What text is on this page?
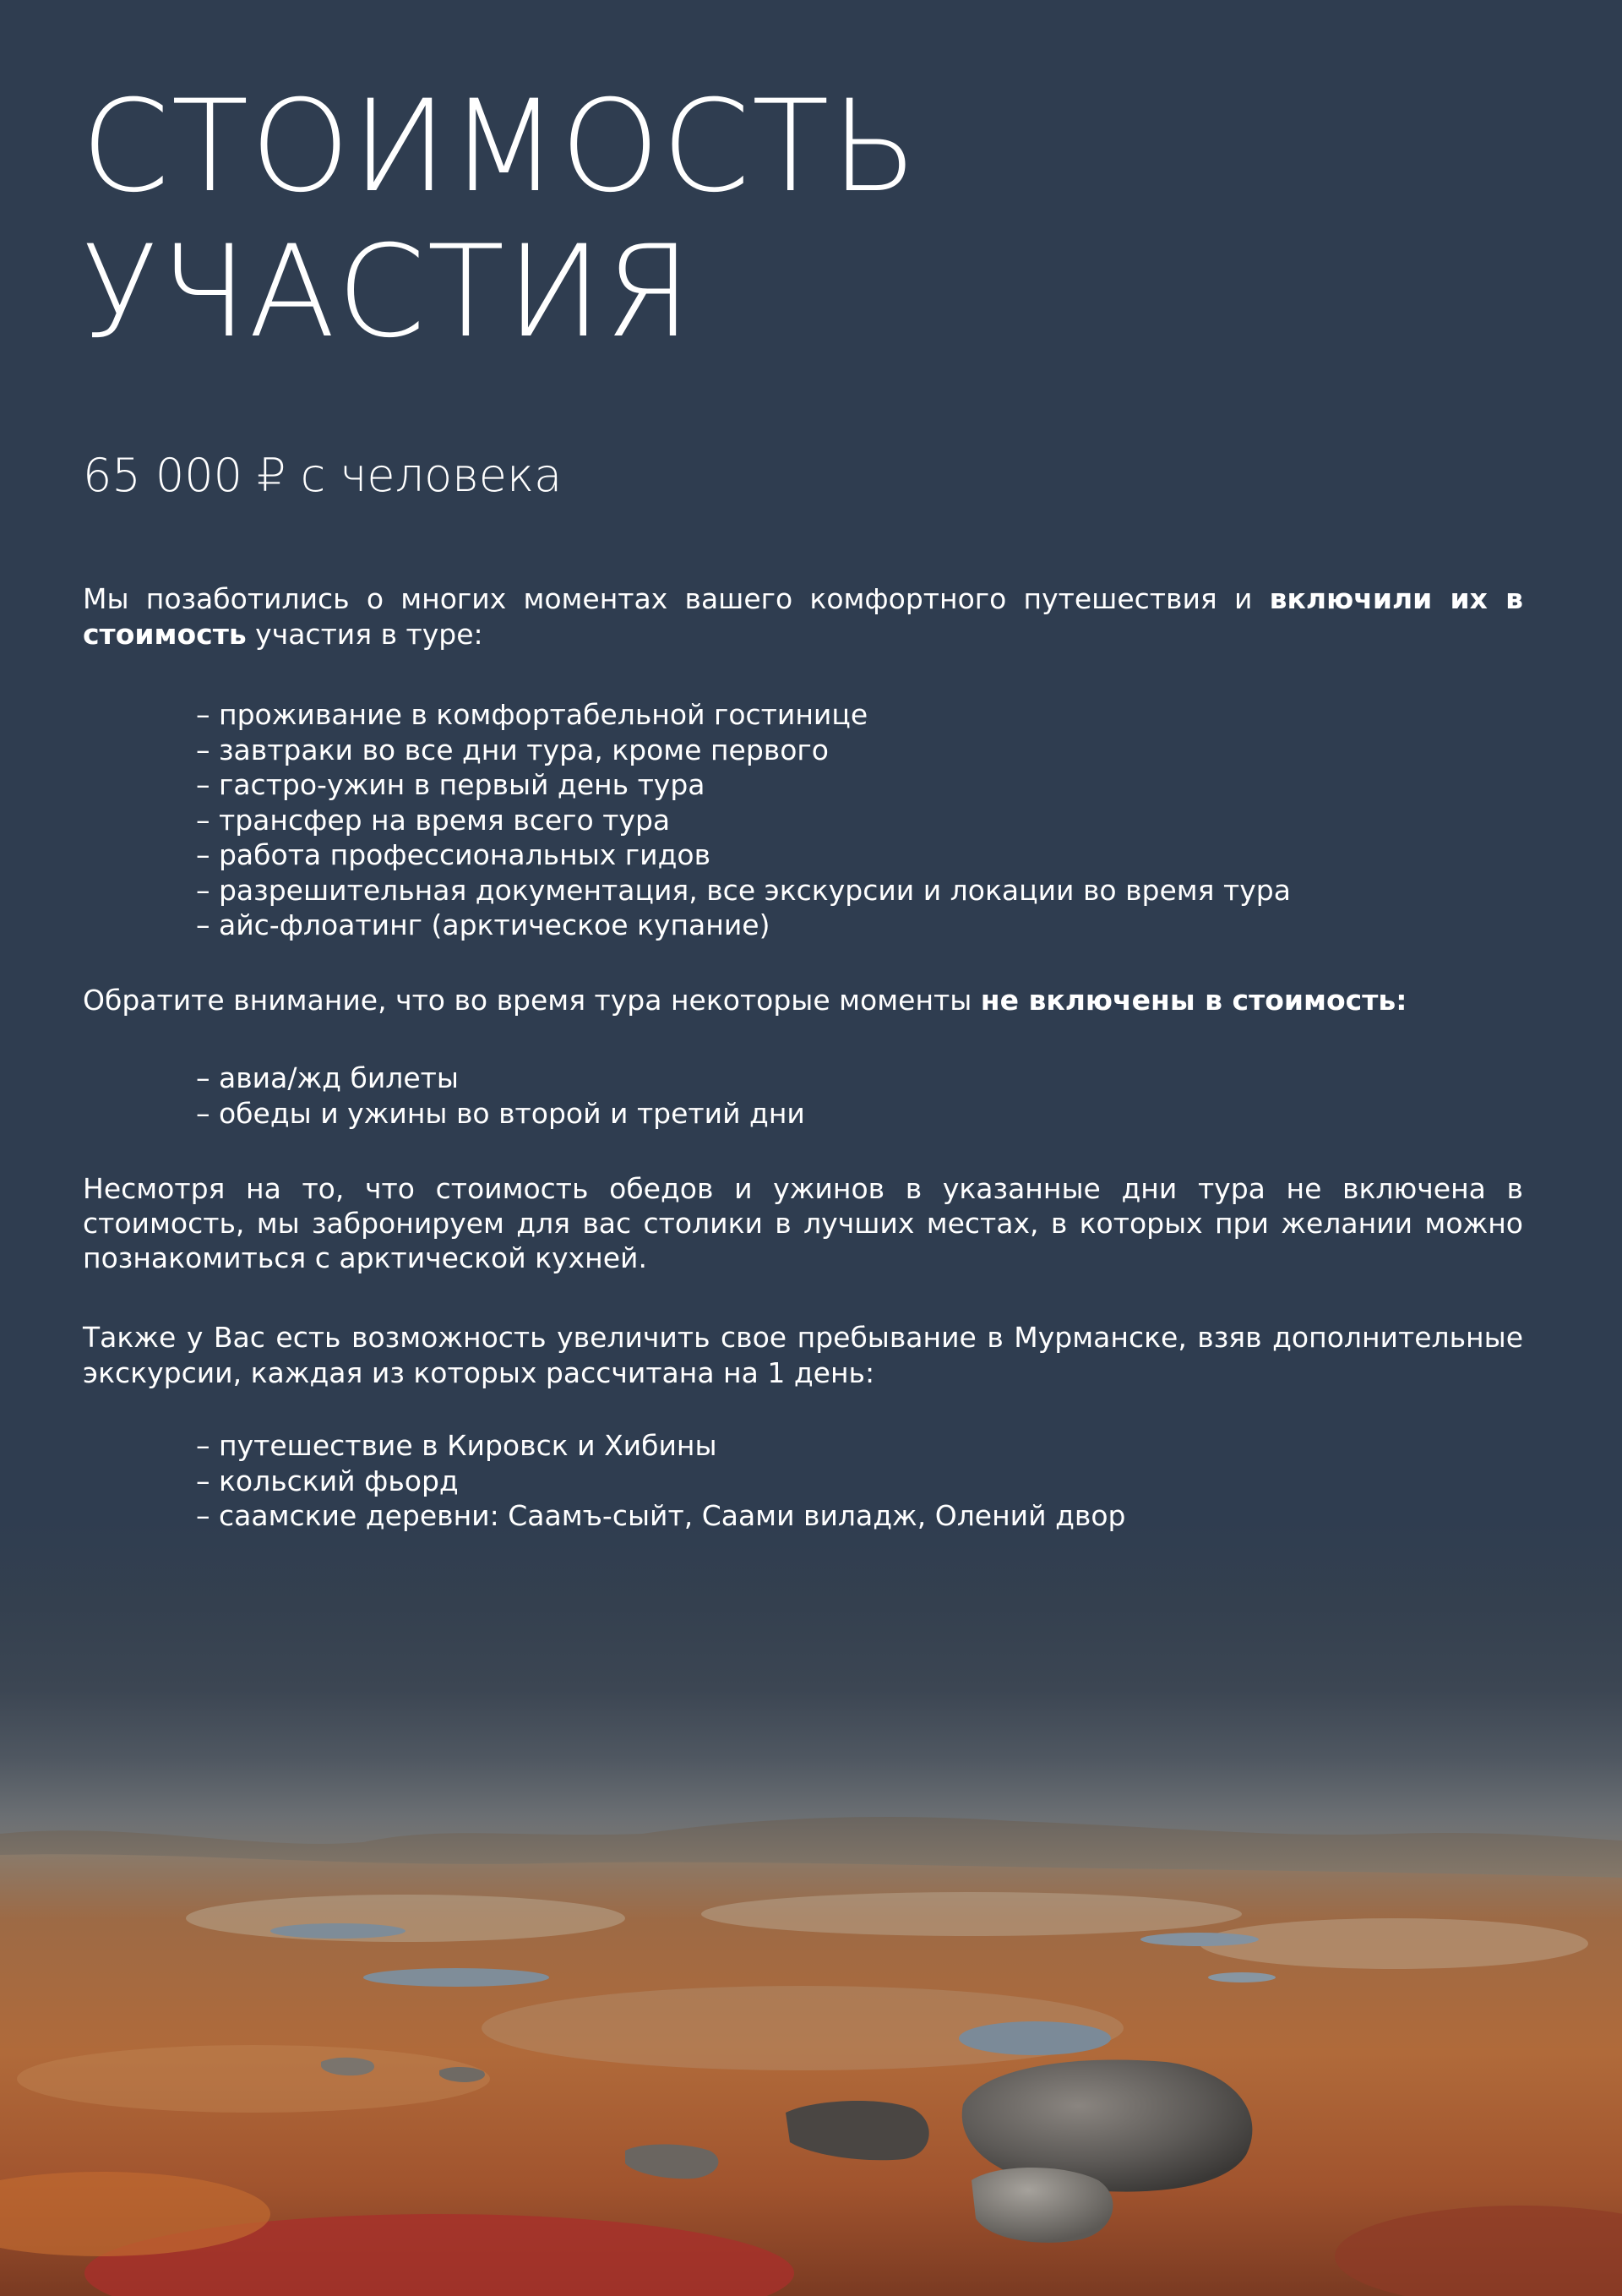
СТОИМОСТЬ
УЧАСТИЯ
65 000 ₽ с человека

Мы позаботились о многих моментах вашего комфортного путешествия и включили их в стоимость участия в туре:

– проживание в комфортабельной гостинице
– завтраки во все дни тура, кроме первого
– гастро-ужин в первый день тура
– трансфер на время всего тура
– работа профессиональных гидов
– разрешительная документация, все экскурсии и локации во время тура
– айс-флоатинг (арктическое купание)

Обратите внимание, что во время тура некоторые моменты не включены в стоимость:

– авиа/жд билеты
– обеды и ужины во второй и третий дни

Несмотря на то, что стоимость обедов и ужинов в указанные дни тура не включена в стоимость, мы забронируем для вас столики в лучших местах, в которых при желании можно познакомиться с арктической кухней.

Также у Вас есть возможность увеличить свое пребывание в Мурманске, взяв дополнительные экскурсии, каждая из которых рассчитана на 1 день:

– путешествие в Кировск и Хибины
– кольский фьорд
– саамские деревни: Саамъ-сыйт, Саами виладж, Олений двор
